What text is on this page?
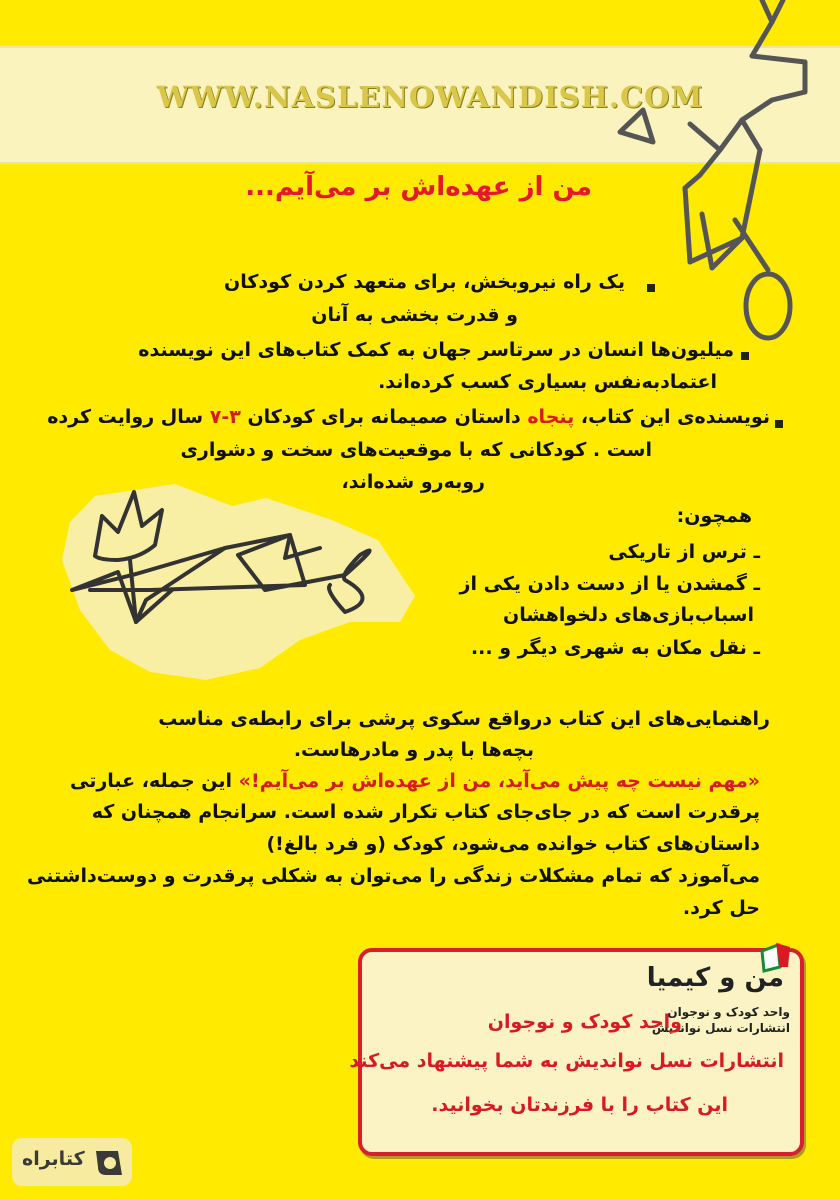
WWW.NASLENOWANDISH.COM
من از عهده‌اش بر می‌آیم...
یک راه نیروبخش، برای متعهد کردن کودکان
و قدرت بخشی به آنان
میلیون‌ها انسان در سرتاسر جهان به کمک کتاب‌های این نویسنده
اعتمادبه‌نفس بسیاری کسب کرده‌اند.
نویسنده‌ی این کتاب، پنجاه داستان صمیمانه برای کودکان ۳-۷ سال روایت کرده
است . کودکانی که با موقعیت‌های سخت و دشواری
روبه‌رو شده‌اند،
همچون:
ـ ترس از تاریکی
ـ گمشدن یا از دست دادن یکی از
اسباب‌بازی‌های دلخواهشان
ـ نقل مکان به شهری دیگر و ...
راهنمایی‌های این کتاب درواقع سکوی پرشی برای رابطه‌ی مناسب
بچه‌ها با پدر و مادرهاست.
«مهم نیست چه پیش می‌آید، من از عهده‌اش بر می‌آیم!» این جمله، عبارتی
پرقدرت است که در جای‌جای کتاب تکرار شده است. سرانجام همچنان که
داستان‌های کتاب خوانده می‌شود، کودک (و فرد بالغ!)
می‌آموزد که تمام مشکلات زندگی را می‌توان به شکلی پرقدرت و دوست‌داشتنی
حل کرد.
من و کیمیا
واحد کودک و نوجوان
انتشارات نسل نواندیش
واحد کودک و نوجوان
انتشارات نسل نواندیش به شما پیشنهاد می‌کند
این کتاب را با فرزندتان بخوانید.
کتابراه
